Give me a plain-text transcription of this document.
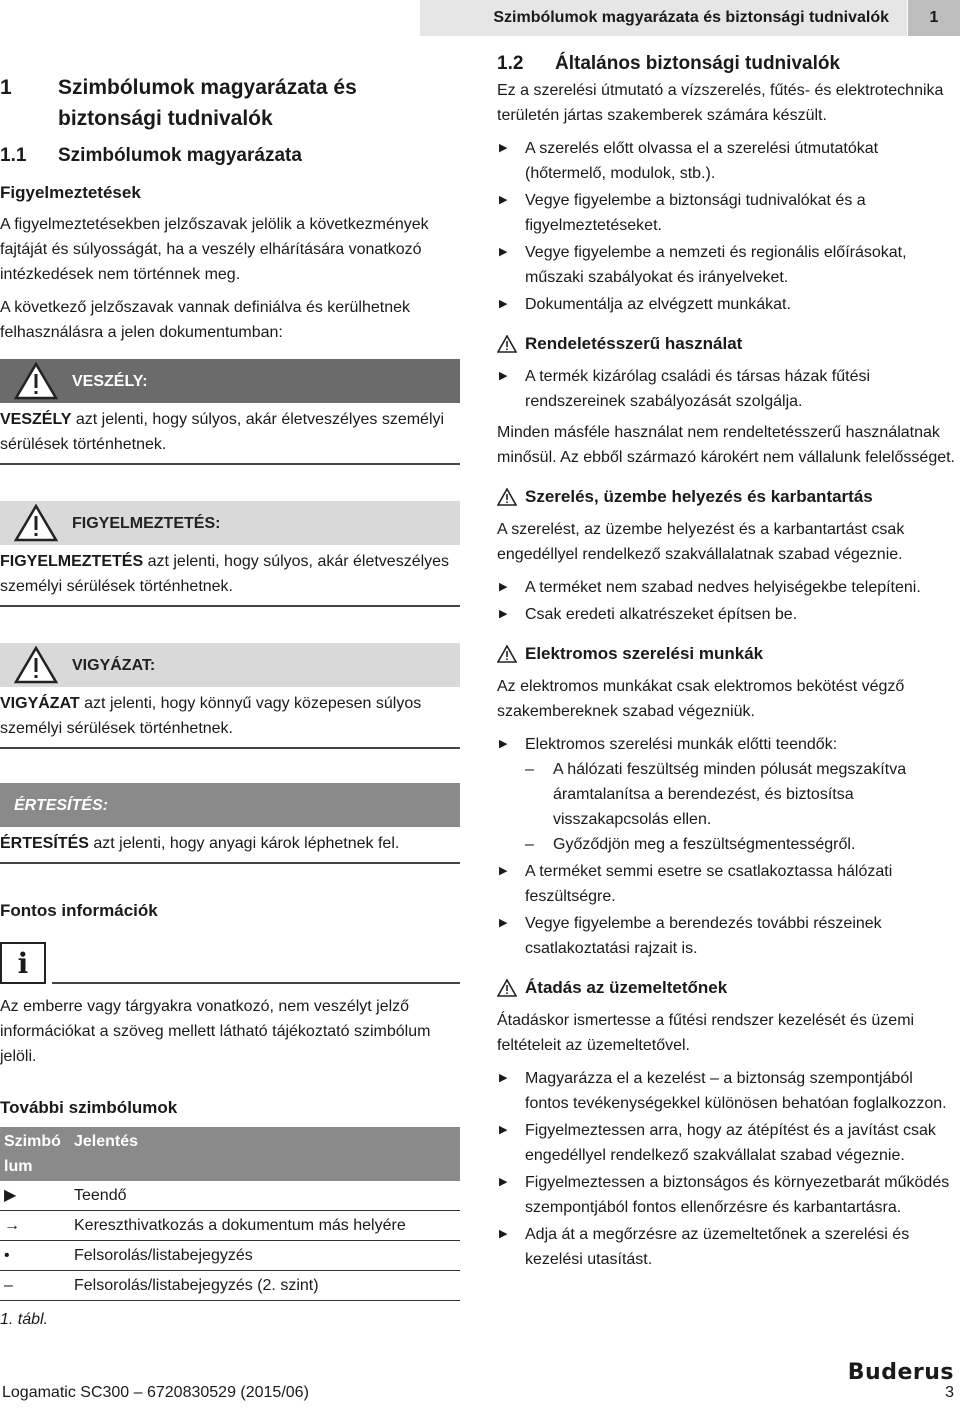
Szimbólumok magyarázata és biztonsági tudnivalók	1
1	Szimbólumok magyarázata és biztonsági tudnivalók
1.1	Szimbólumok magyarázata
Figyelmeztetések

A figyelmeztetésekben jelzőszavak jelölik a következmények fajtáját és súlyosságát, ha a veszély elhárítására vonatkozó intézkedések nem történnek meg.

A következő jelzőszavak vannak definiálva és kerülhetnek felhasználásra a jelen dokumentumban:

VESZÉLY:
VESZÉLY azt jelenti, hogy súlyos, akár életveszélyes személyi sérülések történhetnek.
FIGYELMEZTETÉS:
FIGYELMEZTETÉS azt jelenti, hogy súlyos, akár életveszélyes személyi sérülések történhetnek.
VIGYÁZAT:
VIGYÁZAT azt jelenti, hogy könnyű vagy közepesen súlyos személyi sérülések történhetnek.
ÉRTESÍTÉS:
ÉRTESÍTÉS azt jelenti, hogy anyagi károk léphetnek fel.
Fontos információk
i

Az emberre vagy tárgyakra vonatkozó, nem veszélyt jelző információkat a szöveg mellett látható tájékoztató szimbólum jelöli.

További szimbólumok
Szimbó lum	Jelentés
▶	Teendő
→	Kereszthivatkozás a dokumentum más helyére
•	Felsorolás/listabejegyzés
–	Felsorolás/listabejegyzés (2. szint)
1. tábl.
1.2	Általános biztonsági tudnivalók

Ez a szerelési útmutató a vízszerelés, fűtés- és elektrotechnika területén jártas szakemberek számára készült.

▶ A szerelés előtt olvassa el a szerelési útmutatókat (hőtermelő, modulok, stb.).
▶ Vegye figyelembe a biztonsági tudnivalókat és a figyelmeztetéseket.
▶ Vegye figyelembe a nemzeti és regionális előírásokat, műszaki szabályokat és irányelveket.
▶ Dokumentálja az elvégzett munkákat.
Rendeletésszerű használat
▶ A termék kizárólag családi és társas házak fűtési rendszereinek szabályozását szolgálja.

Minden másféle használat nem rendeltetésszerű használatnak minősül. Az ebből származó károkért nem vállalunk felelősséget.

Szerelés, üzembe helyezés és karbantartás

A szerelést, az üzembe helyezést és a karbantartást csak engedéllyel rendelkező szakvállalatnak szabad végeznie.

▶ A terméket nem szabad nedves helyiségekbe telepíteni.
▶ Csak eredeti alkatrészeket építsen be.
Elektromos szerelési munkák

Az elektromos munkákat csak elektromos bekötést végző szakembereknek szabad végezniük.

▶ Elektromos szerelési munkák előtti teendők:
– A hálózati feszültség minden pólusát megszakítva áramtalanítsa a berendezést, és biztosítsa visszakapcsolás ellen.
– Győződjön meg a feszültségmentességről.
▶ A terméket semmi esetre se csatlakoztassa hálózati feszültségre.
▶ Vegye figyelembe a berendezés további részeinek csatlakoztatási rajzait is.
Átadás az üzemeltetőnek

Átadáskor ismertesse a fűtési rendszer kezelését és üzemi feltételeit az üzemeltetővel.

▶ Magyarázza el a kezelést – a biztonság szempontjából fontos tevékenységekkel különösen behatóan foglalkozzon.
▶ Figyelmeztessen arra, hogy az átépítést és a javítást csak engedéllyel rendelkező szakvállalat szabad végeznie.
▶ Figyelmeztessen a biztonságos és környezetbarát működés szempontjából fontos ellenőrzésre és karbantartásra.
▶ Adja át a megőrzésre az üzemeltetőnek a szerelési és kezelési utasítást.
Buderus
Logamatic SC300 – 6720830529 (2015/06)	3
